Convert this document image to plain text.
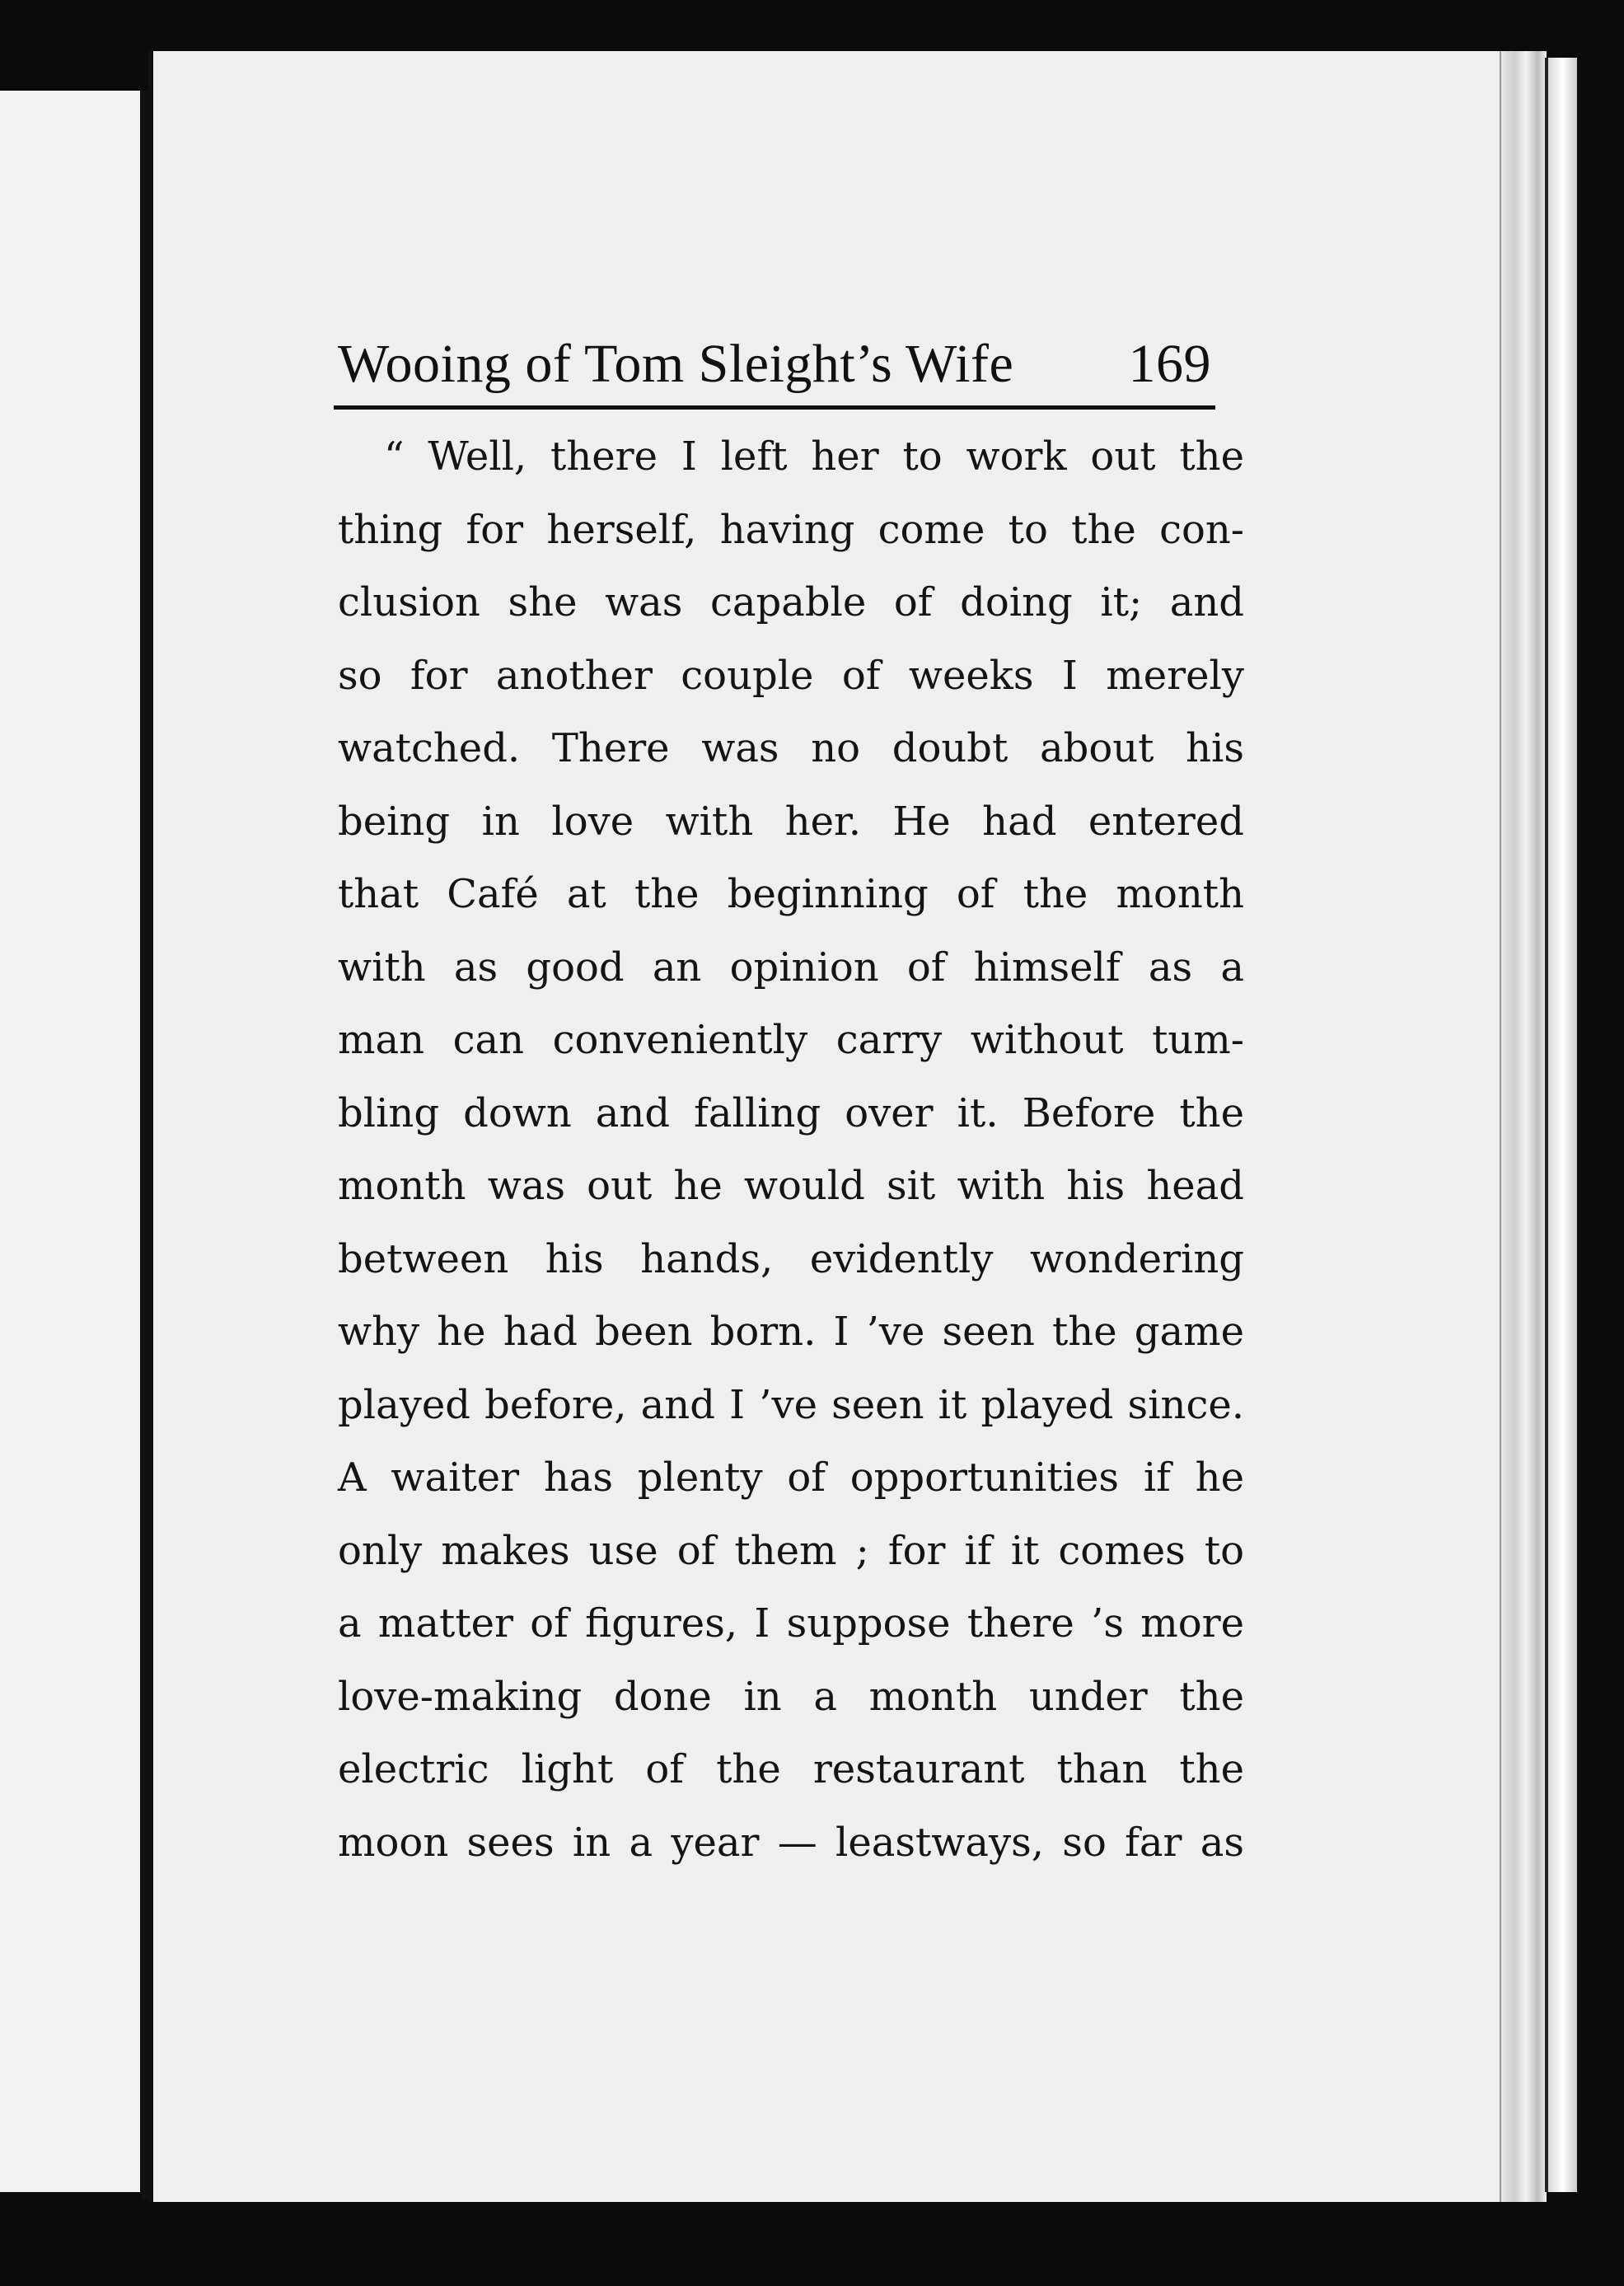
Wooing of Tom Sleight’s Wife 169
“ Well, there I left her to work out the
thing for herself, having come to the con-
clusion she was capable of doing it; and
so for another couple of weeks I merely
watched. There was no doubt about his
being in love with her. He had entered
that Café at the beginning of the month
with as good an opinion of himself as a
man can conveniently carry without tum-
bling down and falling over it. Before the
month was out he would sit with his head
between his hands, evidently wondering
why he had been born. I ’ve seen the game
played before, and I ’ve seen it played since.
A waiter has plenty of opportunities if he
only makes use of them ; for if it comes to
a matter of figures, I suppose there ’s more
love-making done in a month under the
electric light of the restaurant than the
moon sees in a year — leastways, so far as
